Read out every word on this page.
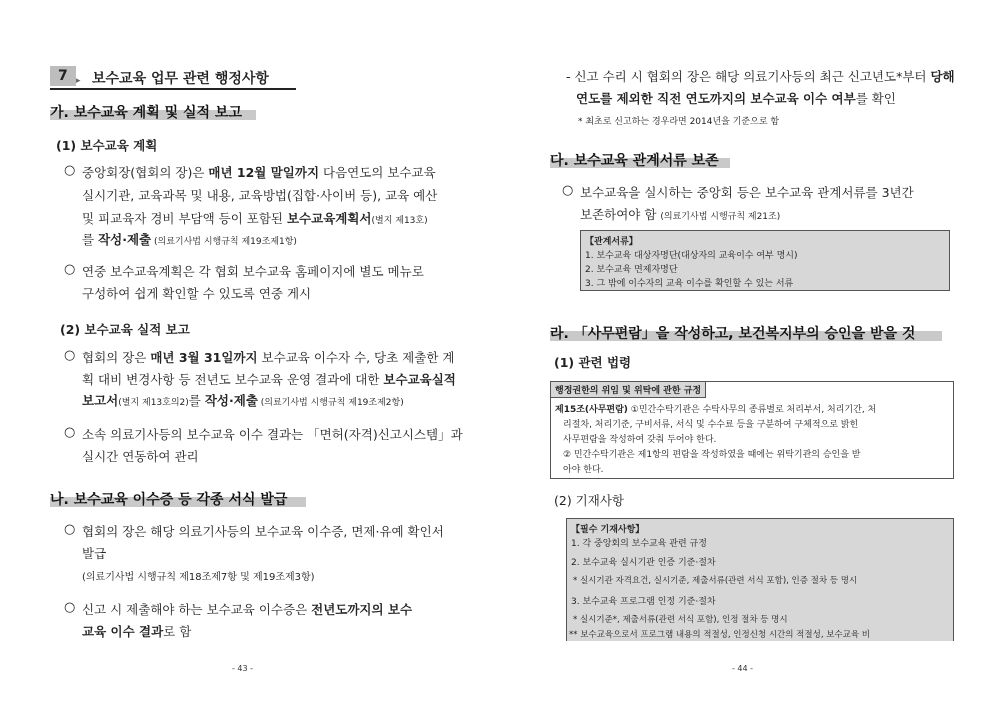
7 ▸ 보수교육 업무 관련 행정사항
가. 보수교육 계획 및 실적 보고
(1) 보수교육 계획
○ 중앙회장(협회의 장)은 매년 12월 말일까지 다음연도의 보수교육
실시기관, 교육과목 및 내용, 교육방법(집합·사이버 등), 교육 예산
및 피교육자 경비 부담액 등이 포함된 보수교육계획서(별지 제13호)
를 작성·제출 (의료기사법 시행규칙 제19조제1항)
○ 연중 보수교육계획은 각 협회 보수교육 홈페이지에 별도 메뉴로
구성하여 쉽게 확인할 수 있도록 연중 게시
(2) 보수교육 실적 보고
○ 협회의 장은 매년 3월 31일까지 보수교육 이수자 수, 당초 제출한 계
획 대비 변경사항 등 전년도 보수교육 운영 결과에 대한 보수교육실적
보고서(별지 제13호의2)를 작성·제출 (의료기사법 시행규칙 제19조제2항)
○ 소속 의료기사등의 보수교육 이수 결과는 「면허(자격)신고시스템」과
실시간 연동하여 관리
나. 보수교육 이수증 등 각종 서식 발급
○ 협회의 장은 해당 의료기사등의 보수교육 이수증, 면제·유예 확인서
발급
(의료기사법 시행규칙 제18조제7항 및 제19조제3항)
○ 신고 시 제출해야 하는 보수교육 이수증은 전년도까지의 보수
교육 이수 결과로 함
- 43 -
- 신고 수리 시 협회의 장은 해당 의료기사등의 최근 신고년도*부터 당해
연도를 제외한 직전 연도까지의 보수교육 이수 여부를 확인
* 최초로 신고하는 경우라면 2014년을 기준으로 함
다. 보수교육 관계서류 보존
○ 보수교육을 실시하는 중앙회 등은 보수교육 관계서류를 3년간
보존하여야 함 (의료기사법 시행규칙 제21조)
【관계서류】
1. 보수교육 대상자명단(대상자의 교육이수 여부 명시)
2. 보수교육 면제자명단
3. 그 밖에 이수자의 교육 이수를 확인할 수 있는 서류
라. 「사무편람」을 작성하고, 보건복지부의 승인을 받을 것
(1) 관련 법령
행정권한의 위임 및 위탁에 관한 규정
제15조(사무편람) ①민간수탁기관은 수탁사무의 종류별로 처리부서, 처리기간, 처
리절차, 처리기준, 구비서류, 서식 및 수수료 등을 구분하여 구체적으로 밝힌
사무편람을 작성하여 갖춰 두어야 한다.
② 민간수탁기관은 제1항의 편람을 작성하였을 때에는 위탁기관의 승인을 받
아야 한다.
(2) 기재사항
【필수 기재사항】
1. 각 중앙회의 보수교육 관련 규정
2. 보수교육 실시기관 인증 기준·절차
* 실시기관 자격요건, 실시기준, 제출서류(관련 서식 포함), 인증 절차 등 명시
3. 보수교육 프로그램 인정 기준·절차
* 실시기준*, 제출서류(관련 서식 포함), 인정 절차 등 명시
** 보수교육으로서 프로그램 내용의 적절성, 인정신청 시간의 적절성, 보수교육 비
- 44 -
